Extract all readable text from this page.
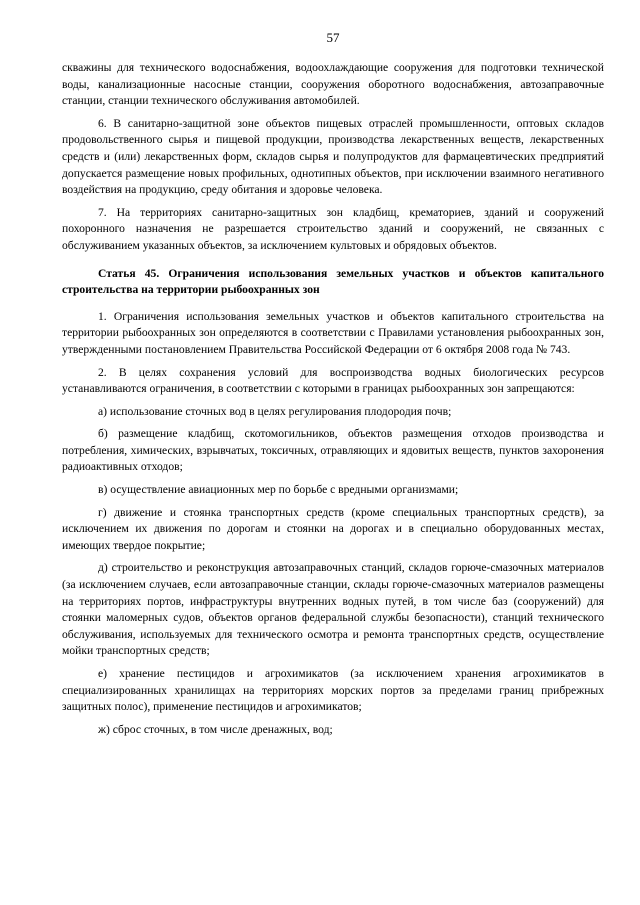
57

скважины для технического водоснабжения, водоохлаждающие сооружения для подготовки технической воды, канализационные насосные станции, сооружения оборотного водоснабжения, автозаправочные станции, станции технического обслуживания автомобилей.

6. В санитарно-защитной зоне объектов пищевых отраслей промышленности, оптовых складов продовольственного сырья и пищевой продукции, производства лекарственных веществ, лекарственных средств и (или) лекарственных форм, складов сырья и полупродуктов для фармацевтических предприятий допускается размещение новых профильных, однотипных объектов, при исключении взаимного негативного воздействия на продукцию, среду обитания и здоровье человека.

7. На территориях санитарно-защитных зон кладбищ, крематориев, зданий и сооружений похоронного назначения не разрешается строительство зданий и сооружений, не связанных с обслуживанием указанных объектов, за исключением культовых и обрядовых объектов.

Статья 45. Ограничения использования земельных участков и объектов капитального строительства на территории рыбоохранных зон

1. Ограничения использования земельных участков и объектов капитального строительства на территории рыбоохранных зон определяются в соответствии с Правилами установления рыбоохранных зон, утвержденными постановлением Правительства Российской Федерации от 6 октября 2008 года № 743.

2. В целях сохранения условий для воспроизводства водных биологических ресурсов устанавливаются ограничения, в соответствии с которыми в границах рыбоохранных зон запрещаются:

а) использование сточных вод в целях регулирования плодородия почв;

б) размещение кладбищ, скотомогильников, объектов размещения отходов производства и потребления, химических, взрывчатых, токсичных, отравляющих и ядовитых веществ, пунктов захоронения радиоактивных отходов;

в) осуществление авиационных мер по борьбе с вредными организмами;

г) движение и стоянка транспортных средств (кроме специальных транспортных средств), за исключением их движения по дорогам и стоянки на дорогах и в специально оборудованных местах, имеющих твердое покрытие;

д) строительство и реконструкция автозаправочных станций, складов горюче-смазочных материалов (за исключением случаев, если автозаправочные станции, склады горюче-смазочных материалов размещены на территориях портов, инфраструктуры внутренних водных путей, в том числе баз (сооружений) для стоянки маломерных судов, объектов органов федеральной службы безопасности), станций технического обслуживания, используемых для технического осмотра и ремонта транспортных средств, осуществление мойки транспортных средств;

е) хранение пестицидов и агрохимикатов (за исключением хранения агрохимикатов в специализированных хранилищах на территориях морских портов за пределами границ прибрежных защитных полос), применение пестицидов и агрохимикатов;

ж) сброс сточных, в том числе дренажных, вод;
